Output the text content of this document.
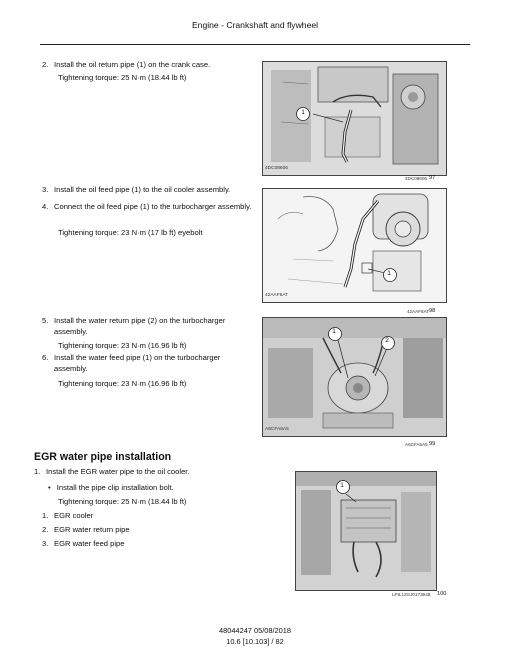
Engine - Crankshaft and flywheel
2. Install the oil return pipe (1) on the crank case.
Tightening torque: 25 N·m (18.44 lb ft)
1
4DC08606
4DC08606 97
3. Install the oil feed pipe (1) to the oil cooler assembly.
4. Connect the oil feed pipe (1) to the turbocharger assembly.
Tightening torque: 23 N·m (17 lb ft) eyebolt
1
42AAF8AT
42AAF8AT 98
5. Install the water return pipe (2) on the turbocharger assembly.
Tightening torque: 23 N·m (16.96 lb ft)
6. Install the water feed pipe (1) on the turbocharger assembly.
Tightening torque: 23 N·m (16.96 lb ft)
1
2
A6CFA6A5
A6CFA6A5 99
EGR water pipe installation
1. Install the EGR water pipe to the oil cooler.
• Install the pipe clip installation bolt.
Tightening torque: 25 N·m (18.44 lb ft)
1. EGR cooler
2. EGR water return pipe
3. EGR water feed pipe
1
LPIL12GJ0173648 100
48044247 05/08/2018
10.6 [10.103] / 82
